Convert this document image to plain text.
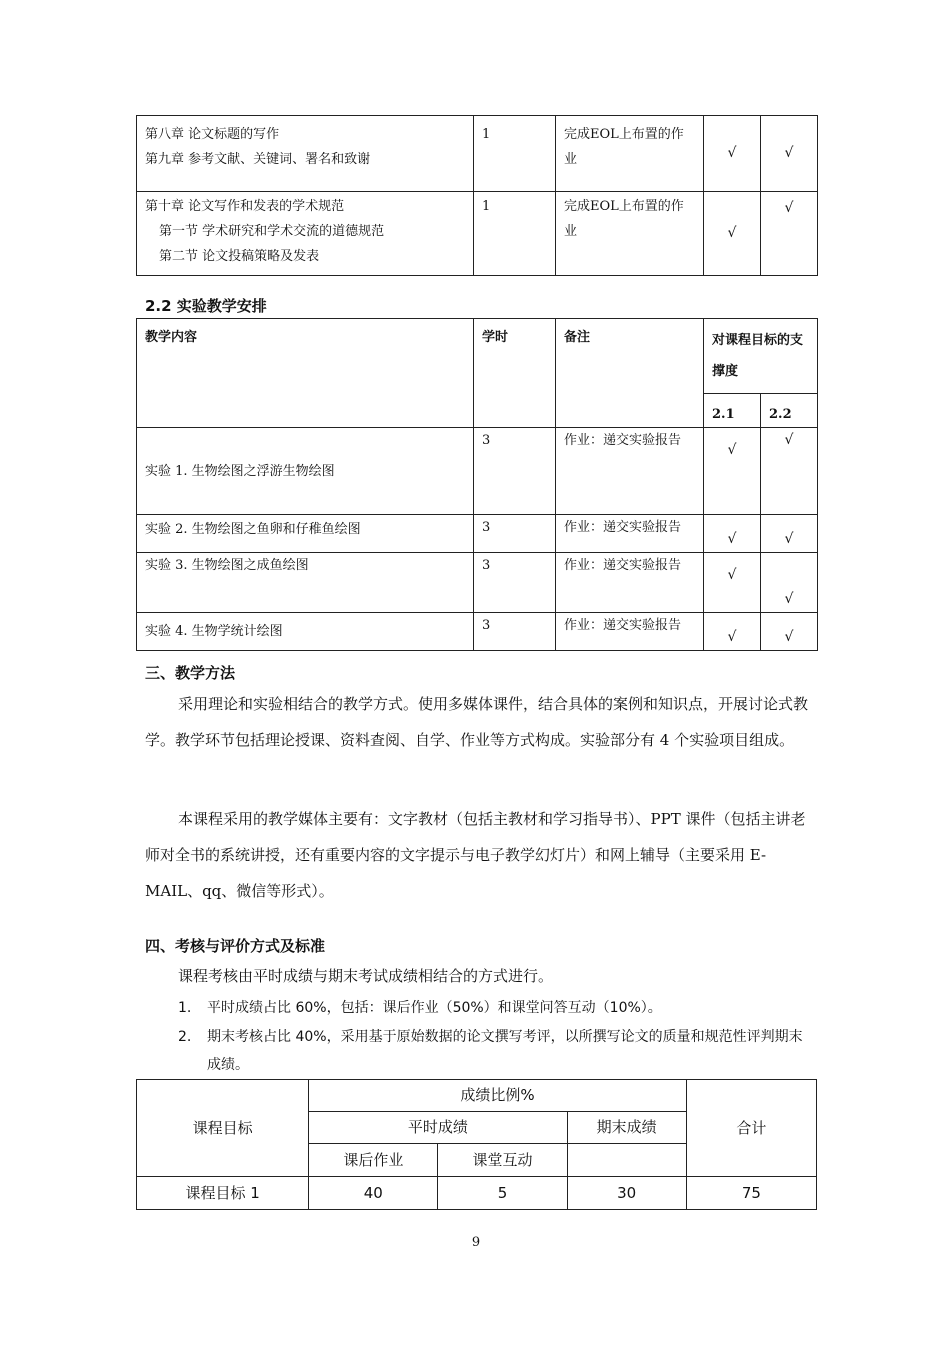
第八章 论文标题的写作
第九章 参考文献、关键词、署名和致谢	1	完成EOL上布置的作业	√	√

第十章 论文写作和发表的学术规范
第一节 学术研究和学术交流的道德规范
第二节 论文投稿策略及发表	1	完成EOL上布置的作业	√	√
2.2 实验教学安排
教学内容	学时	备注	对课程目标的支撑度	
			2.1	2.2
实验 1. 生物绘图之浮游生物绘图	3	作业：递交实验报告	√	√
实验 2. 生物绘图之鱼卵和仔稚鱼绘图	3	作业：递交实验报告	√	√
实验 3. 生物绘图之成鱼绘图	3	作业：递交实验报告	√	√
实验 4. 生物学统计绘图	3	作业：递交实验报告	√	√
三、教学方法
采用理论和实验相结合的教学方式。使用多媒体课件，结合具体的案例和知识点，开展讨论式教学。教学环节包括理论授课、资料查阅、自学、作业等方式构成。实验部分有 4 个实验项目组成。
本课程采用的教学媒体主要有：文字教材（包括主教材和学习指导书）、PPT 课件（包括主讲老师对全书的系统讲授，还有重要内容的文字提示与电子教学幻灯片）和网上辅导（主要采用 E-MAIL、qq、微信等形式）。
四、考核与评价方式及标准
课程考核由平时成绩与期末考试成绩相结合的方式进行。
1. 平时成绩占比 60%，包括：课后作业（50%）和课堂问答互动（10%）。
2. 期末考核占比 40%，采用基于原始数据的论文撰写考评，以所撰写论文的质量和规范性评判期末成绩。
课程目标	成绩比例%			合计
	平时成绩		期末成绩	
	课后作业	课堂互动		
课程目标 1	40	5	30	75
9
